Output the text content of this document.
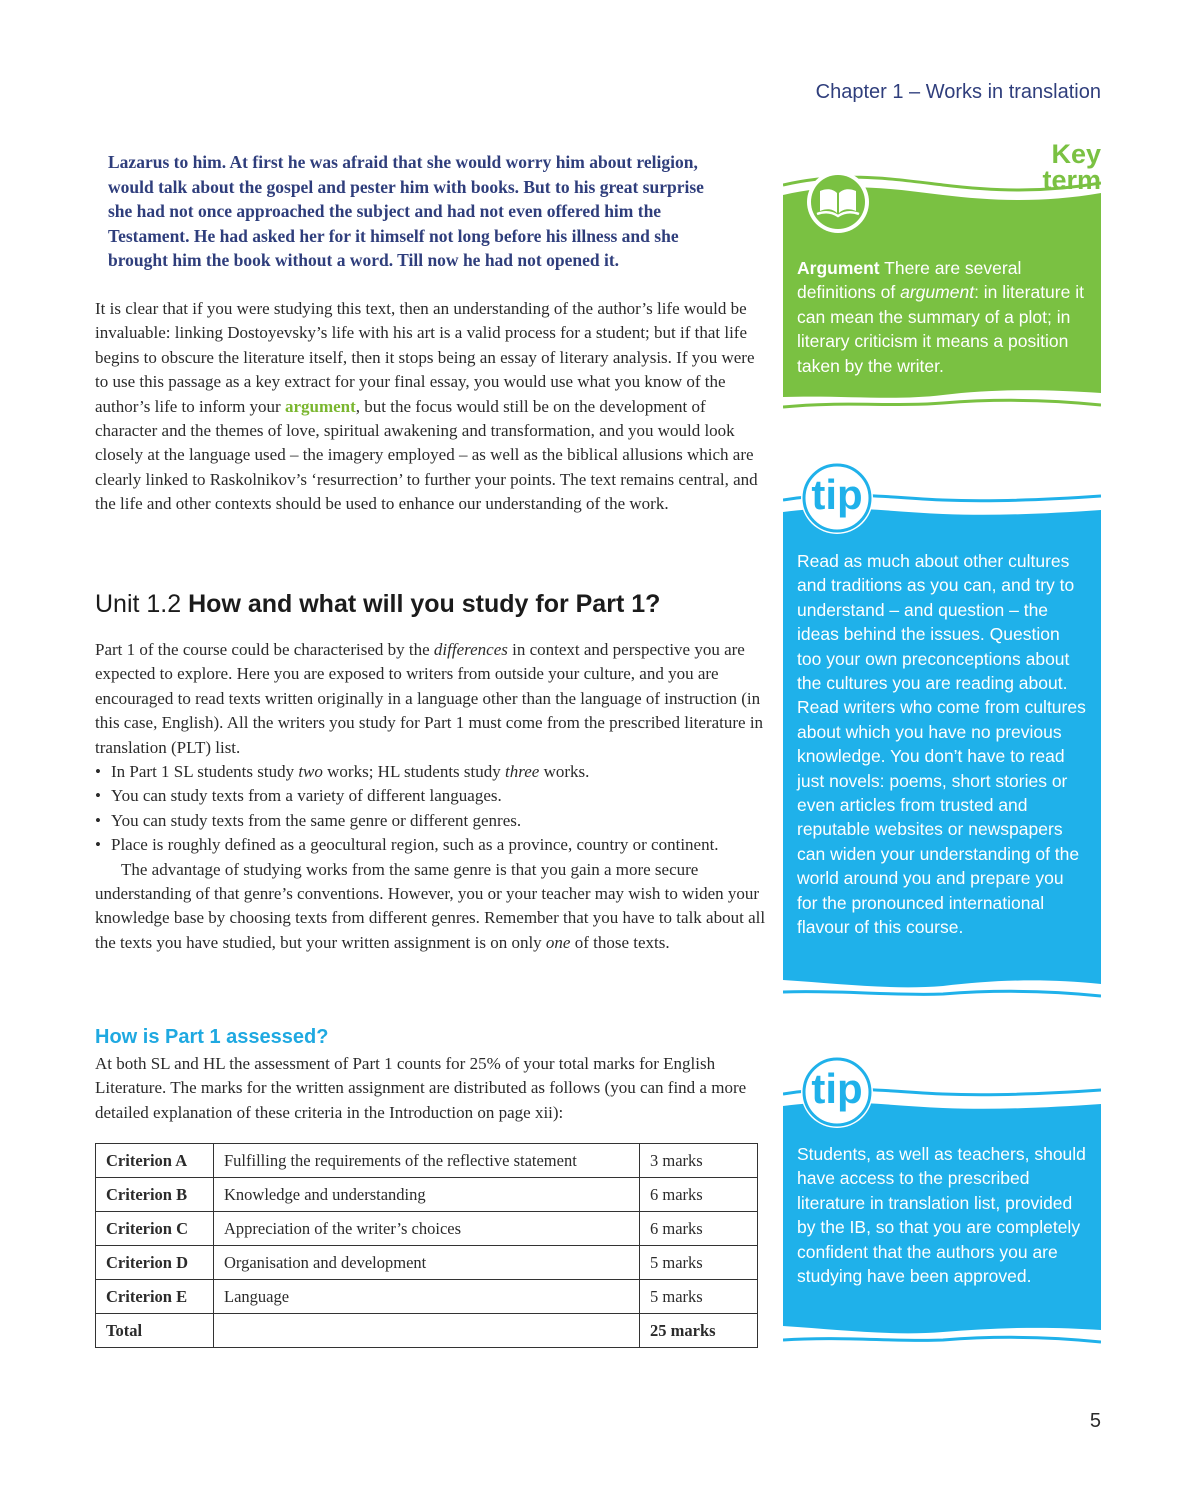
Chapter 1 – Works in translation

Lazarus to him. At first he was afraid that she would worry him about religion,

would talk about the gospel and pester him with books. But to his great surprise

she had not once approached the subject and had not even offered him the

Testament. He had asked her for it himself not long before his illness and she

brought him the book without a word. Till now he had not opened it.

It is clear that if you were studying this text, then an understanding of the author’s life would be invaluable: linking Dostoyevsky’s life with his art is a valid process for a student; but if that life begins to obscure the literature itself, then it stops being an essay of literary analysis. If you were to use this passage as a key extract for your final essay, you would use what you know of the author’s life to inform your argument, but the focus would still be on the development of character and the themes of love, spiritual awakening and transformation, and you would look closely at the language used – the imagery employed – as well as the biblical allusions which are clearly linked to Raskolnikov’s ‘resurrection’ to further your points. The text remains central, and the life and other contexts should be used to enhance our understanding of the work.

Unit 1.2 How and what will you study for Part 1?

Part 1 of the course could be characterised by the differences in context and perspective you are expected to explore. Here you are exposed to writers from outside your culture, and you are encouraged to read texts written originally in a language other than the language of instruction (in this case, English). All the writers you study for Part 1 must come from the prescribed literature in translation (PLT) list.

• In Part 1 SL students study two works; HL students study three works.
• You can study texts from a variety of different languages.
• You can study texts from the same genre or different genres.
• Place is roughly defined as a geocultural region, such as a province, country or continent.

The advantage of studying works from the same genre is that you gain a more secure understanding of that genre’s conventions. However, you or your teacher may wish to widen your knowledge base by choosing texts from different genres. Remember that you have to talk about all the texts you have studied, but your written assignment is on only one of those texts.

How is Part 1 assessed?

At both SL and HL the assessment of Part 1 counts for 25% of your total marks for English Literature. The marks for the written assignment are distributed as follows (you can find a more detailed explanation of these criteria in the Introduction on page xii):

Criterion A	Fulfilling the requirements of the reflective statement	3 marks
Criterion B	Knowledge and understanding	6 marks
Criterion C	Appreciation of the writer’s choices	6 marks
Criterion D	Organisation and development	5 marks
Criterion E	Language	5 marks
Total		25 marks
Key
term
Argument There are several definitions of argument: in literature it can mean the summary of a plot; in literary criticism it means a position taken by the writer.
tip
Read as much about other cultures and traditions as you can, and try to understand – and question – the ideas behind the issues. Question too your own preconceptions about the cultures you are reading about. Read writers who come from cultures about which you have no previous knowledge. You don’t have to read just novels: poems, short stories or even articles from trusted and reputable websites or newspapers can widen your understanding of the world around you and prepare you for the pronounced international flavour of this course.
tip
Students, as well as teachers, should have access to the prescribed literature in translation list, provided by the IB, so that you are completely confident that the authors you are studying have been approved.
5
